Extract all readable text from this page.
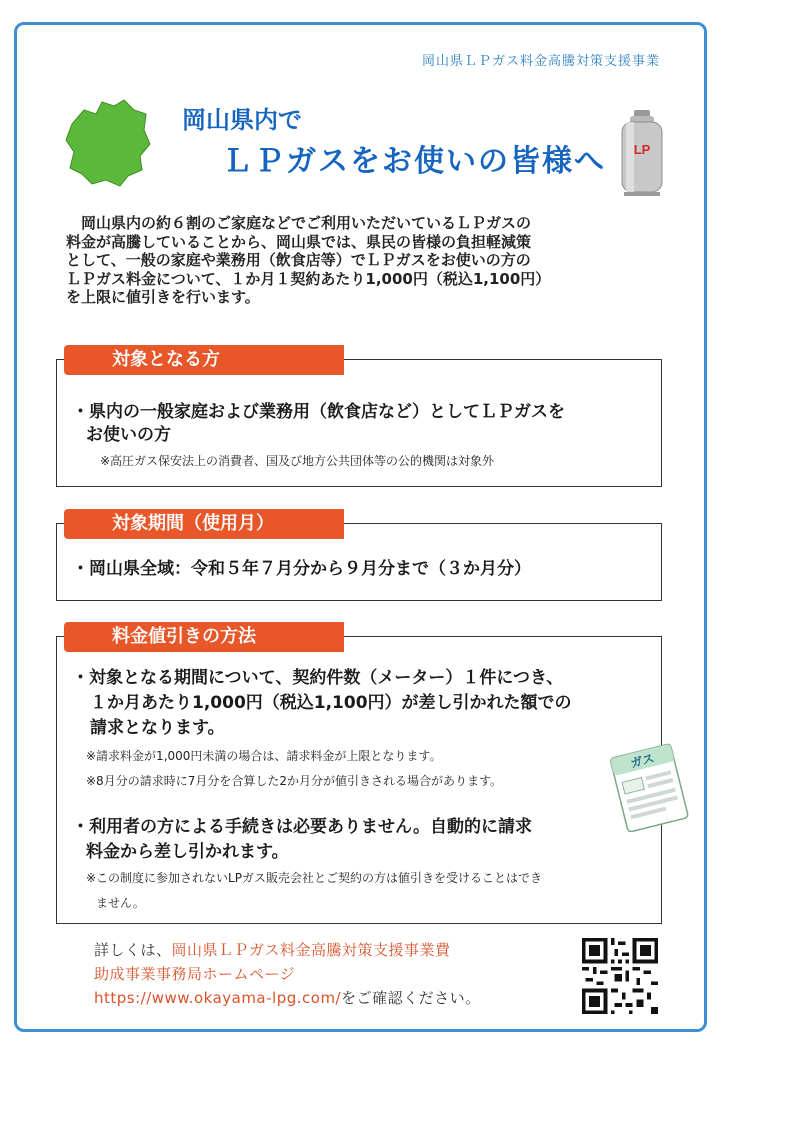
岡山県ＬＰガス料金高騰対策支援事業
岡山県内で
ＬＰガスをお使いの皆様へ LP

　岡山県内の約６割のご家庭などでご利用いただいているＬＰガスの

料金が高騰していることから、岡山県では、県民の皆様の負担軽減策

として、一般の家庭や業務用（飲食店等）でＬＰガスをお使いの方の

ＬＰガス料金について、１か月１契約あたり1,000円（税込1,100円）

を上限に値引きを行います。

対象となる方
・県内の一般家庭および業務用（飲食店など）としてＬＰガスを
お使いの方
※高圧ガス保安法上の消費者、国及び地方公共団体等の公的機関は対象外
対象期間（使用月）
・岡山県全域：令和５年７月分から９月分まで（３か月分）
料金値引きの方法
・対象となる期間について、契約件数（メーター）１件につき、
１か月あたり1,000円（税込1,100円）が差し引かれた額での
請求となります。
※請求料金が1,000円未満の場合は、請求料金が上限となります。
※8月分の請求時に7月分を合算した2か月分が値引きされる場合があります。
・利用者の方による手続きは必要ありません。自動的に請求
料金から差し引かれます。
※この制度に参加されないLPガス販売会社とご契約の方は値引きを受けることはでき
ません。
ガス
詳しくは、岡山県ＬＰガス料金高騰対策支援事業費
助成事業事務局ホームページ
https://www.okayama-lpg.com/をご確認ください。
